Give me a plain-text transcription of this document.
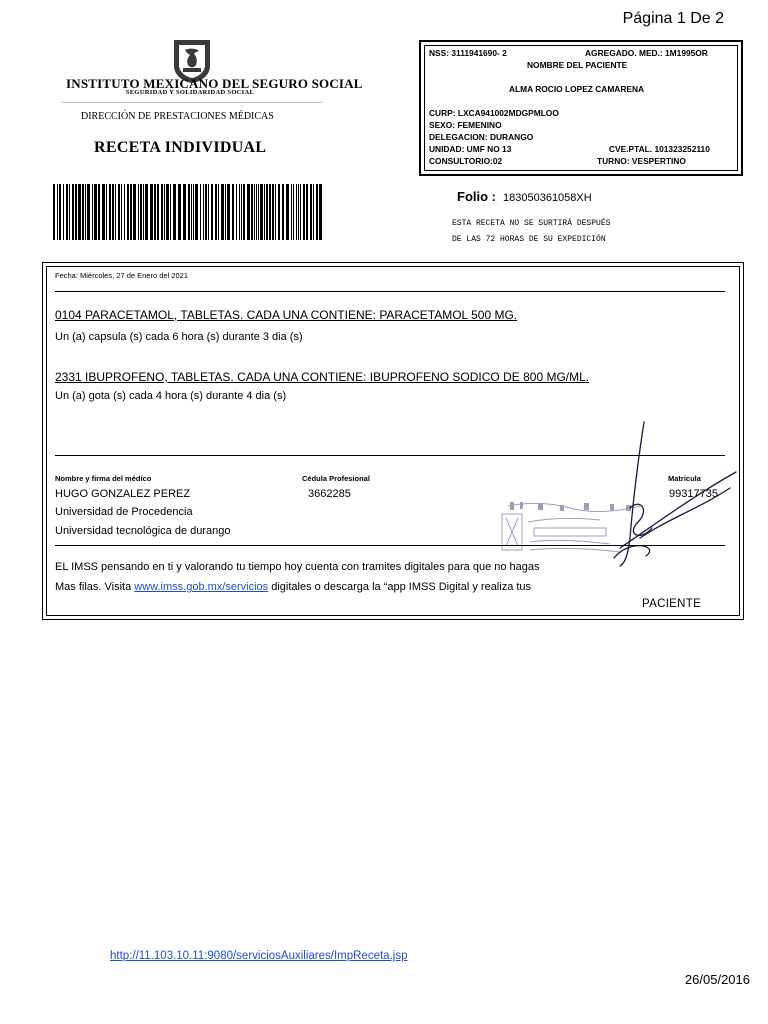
Página 1 De 2
INSTITUTO MEXICANO DEL SEGURO SOCIAL
SEGURIDAD Y SOLIDARIDAD SOCIAL
DIRECCIÓN DE PRESTACIONES MÉDICAS
RECETA INDIVIDUAL
NSS: 3111941690- 2	AGREGADO. MED.: 1M1995OR
NOMBRE DEL PACIENTE
ALMA ROCIO LOPEZ CAMARENA
CURP: LXCA941002MDGPMLOO
SEXO: FEMENINO
DELEGACION: DURANGO
UNIDAD: UMF NO 13	CVE.PTAL. 101323252110
CONSULTORIO:02	TURNO: VESPERTINO
Folio : 183050361058XH
ESTA RECETA NO SE SURTIRÁ DESPUÉS
DE LAS 72 HORAS DE SU EXPEDICIÓN
Fecha: Miércoles, 27 de Enero del 2021
0104 PARACETAMOL, TABLETAS. CADA UNA CONTIENE: PARACETAMOL 500 MG.
Un (a) capsula (s) cada 6 hora (s) durante 3 dia (s)
2331 IBUPROFENO, TABLETAS. CADA UNA CONTIENE: IBUPROFENO SODICO DE 800 MG/ML.
Un (a) gota (s) cada 4 hora (s) durante 4 dia (s)
Nombre y firma del médico	Cédula Profesional	Matricula
HUGO GONZALEZ PEREZ	3662285	99317735
Universidad de Procedencia
Universidad tecnológica de durango
EL IMSS pensando en ti y valorando tu tiempo hoy cuenta con tramites digitales para que no hagas
Mas filas. Visita www.imss.gob.mx/servicios digitales o descarga la “app IMSS Digital y realiza tus
PACIENTE
http://11.103.10.11:9080/serviciosAuxiliares/ImpReceta.jsp
26/05/2016
